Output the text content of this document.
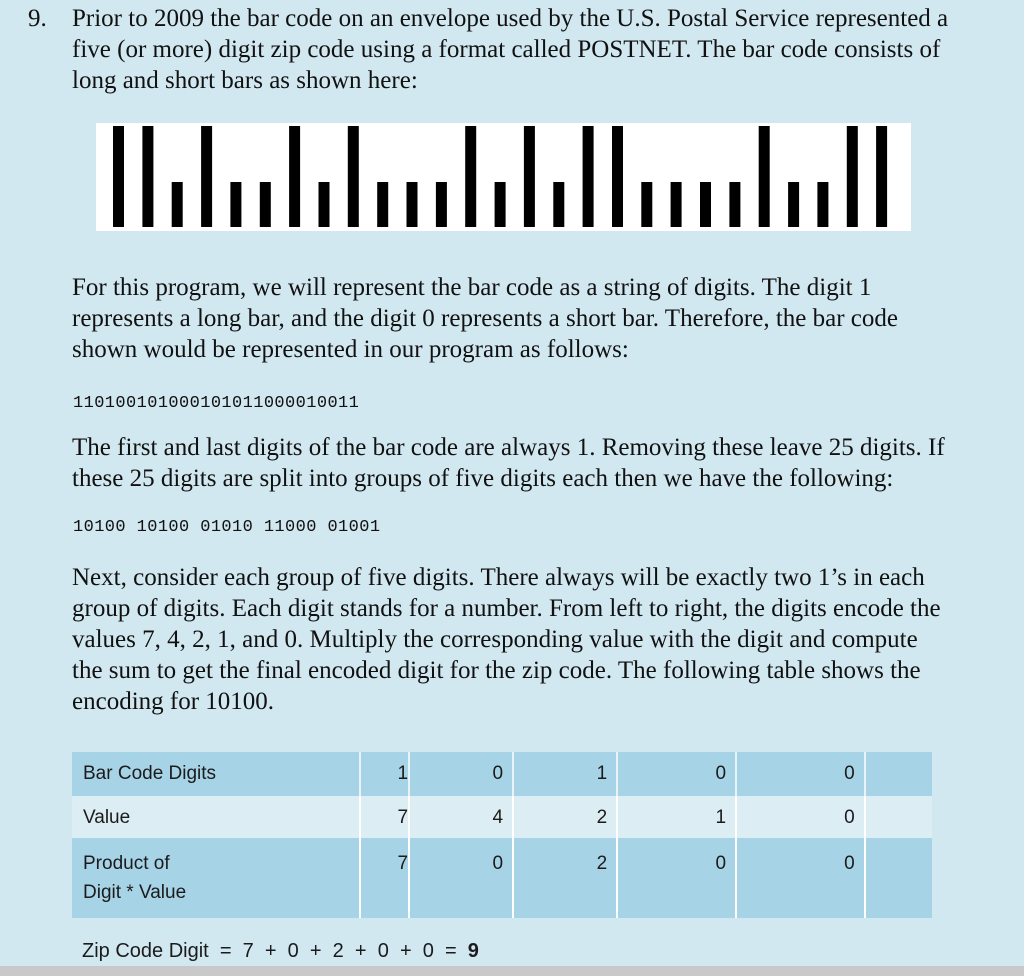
9. Prior to 2009 the bar code on an envelope used by the U.S. Postal Service represented a five (or more) digit zip code using a format called POSTNET. The bar code consists of long and short bars as shown here:

For this program, we will represent the bar code as a string of digits. The digit 1 represents a long bar, and the digit 0 represents a short bar. Therefore, the bar code shown would be represented in our program as follows:

110100101000101011000010011

The first and last digits of the bar code are always 1. Removing these leave 25 digits. If these 25 digits are split into groups of five digits each then we have the following:

10100 10100 01010 11000 01001

Next, consider each group of five digits. There always will be exactly two 1’s in each group of digits. Each digit stands for a number. From left to right, the digits encode the values 7, 4, 2, 1, and 0. Multiply the corresponding value with the digit and compute the sum to get the final encoded digit for the zip code. The following table shows the encoding for 10100.

Bar Code Digits	1	0	1	0	0	

Value	7	4	2	1	0	

Product of
Digit * Value	7	0	2	0	0	

Zip Code Digit  =  7  +  0  +  2  +  0  +  0  =  9
